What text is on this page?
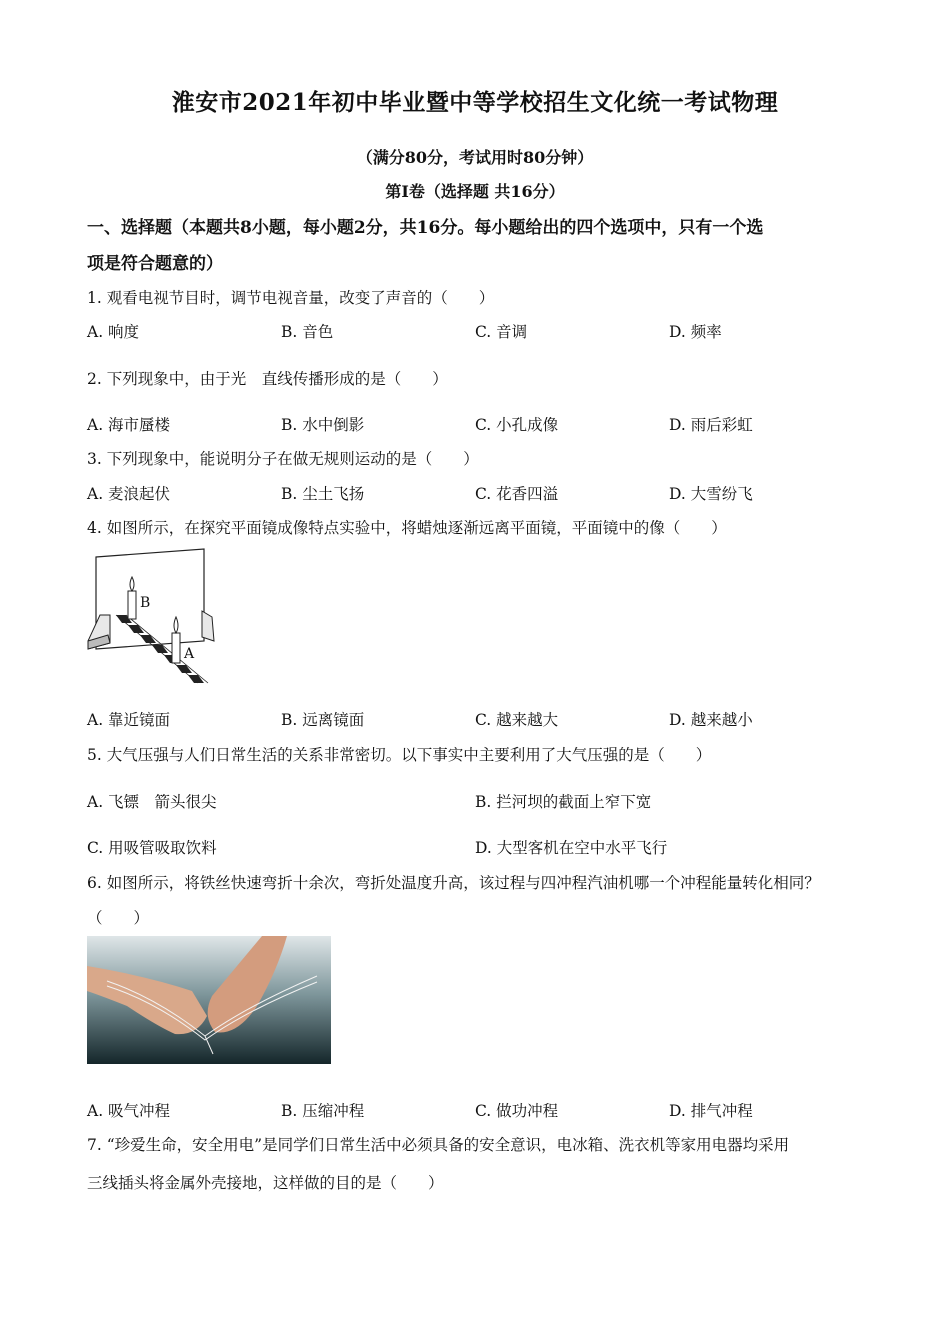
淮安市2021年初中毕业暨中等学校招生文化统一考试物理
（满分80分，考试用时80分钟）
第Ⅰ卷（选择题 共16分）
一、选择题（本题共8小题，每小题2分，共16分。每小题给出的四个选项中，只有一个选
项是符合题意的）
1. 观看电视节目时，调节电视音量，改变了声音的（　　）
A. 响度	B. 音色	C. 音调	D. 频率
2. 下列现象中，由于光　直线传播形成的是（　　）
A. 海市蜃楼	B. 水中倒影	C. 小孔成像	D. 雨后彩虹
3. 下列现象中，能说明分子在做无规则运动的是（　　）
A. 麦浪起伏	B. 尘土飞扬	C. 花香四溢	D. 大雪纷飞
4. 如图所示，在探究平面镜成像特点实验中，将蜡烛逐渐远离平面镜，平面镜中的像（　　）
B
A
A. 靠近镜面	B. 远离镜面	C. 越来越大	D. 越来越小
5. 大气压强与人们日常生活的关系非常密切。以下事实中主要利用了大气压强的是（　　）
A. 飞镖　箭头很尖	B. 拦河坝的截面上窄下宽
C. 用吸管吸取饮料	D. 大型客机在空中水平飞行
6. 如图所示，将铁丝快速弯折十余次，弯折处温度升高，该过程与四冲程汽油机哪一个冲程能量转化相同？
（　　）
A. 吸气冲程	B. 压缩冲程	C. 做功冲程	D. 排气冲程
7. “珍爱生命，安全用电”是同学们日常生活中必须具备的安全意识，电冰箱、洗衣机等家用电器均采用
三线插头将金属外壳接地，这样做的目的是（　　）
